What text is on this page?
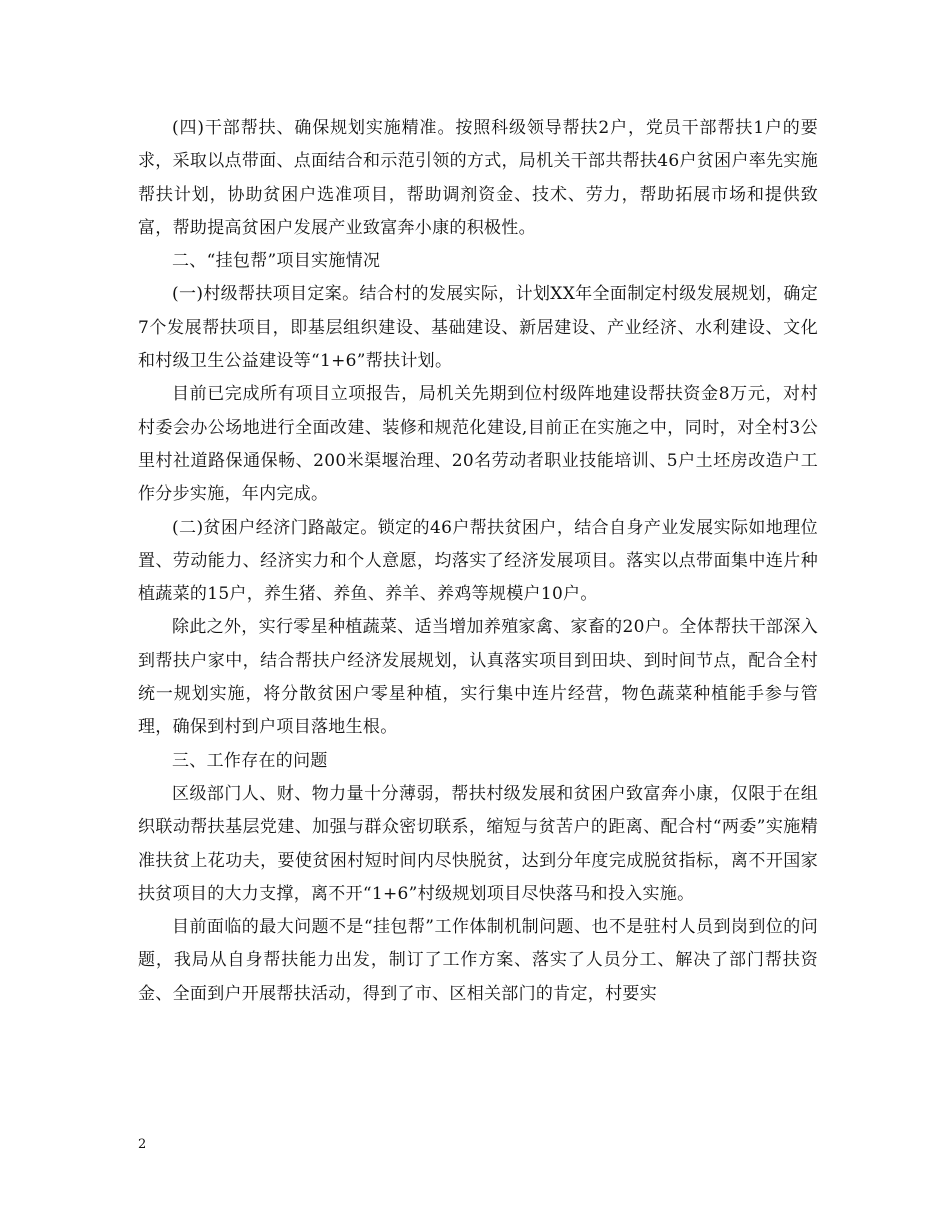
(四)干部帮扶、确保规划实施精准。按照科级领导帮扶2户，党员干部帮扶1户的要求，采取以点带面、点面结合和示范引领的方式，局机关干部共帮扶46户贫困户率先实施帮扶计划，协助贫困户选准项目，帮助调剂资金、技术、劳力，帮助拓展市场和提供致富，帮助提高贫困户发展产业致富奔小康的积极性。

二、“挂包帮”项目实施情况

(一)村级帮扶项目定案。结合村的发展实际，计划XX年全面制定村级发展规划，确定7个发展帮扶项目，即基层组织建设、基础建设、新居建设、产业经济、水利建设、文化和村级卫生公益建设等“1+6”帮扶计划。

目前已完成所有项目立项报告，局机关先期到位村级阵地建设帮扶资金8万元，对村村委会办公场地进行全面改建、装修和规范化建设,目前正在实施之中，同时，对全村3公里村社道路保通保畅、200米渠堰治理、20名劳动者职业技能培训、5户土坯房改造户工作分步实施，年内完成。

(二)贫困户经济门路敲定。锁定的46户帮扶贫困户，结合自身产业发展实际如地理位置、劳动能力、经济实力和个人意愿，均落实了经济发展项目。落实以点带面集中连片种植蔬菜的15户，养生猪、养鱼、养羊、养鸡等规模户10户。

除此之外，实行零星种植蔬菜、适当增加养殖家禽、家畜的20户。全体帮扶干部深入到帮扶户家中，结合帮扶户经济发展规划，认真落实项目到田块、到时间节点，配合全村统一规划实施，将分散贫困户零星种植，实行集中连片经营，物色蔬菜种植能手参与管理，确保到村到户项目落地生根。

三、工作存在的问题

区级部门人、财、物力量十分薄弱，帮扶村级发展和贫困户致富奔小康，仅限于在组织联动帮扶基层党建、加强与群众密切联系，缩短与贫苦户的距离、配合村“两委”实施精准扶贫上花功夫，要使贫困村短时间内尽快脱贫，达到分年度完成脱贫指标，离不开国家扶贫项目的大力支撑，离不开“1+6”村级规划项目尽快落马和投入实施。

目前面临的最大问题不是“挂包帮”工作体制机制问题、也不是驻村人员到岗到位的问题，我局从自身帮扶能力出发，制订了工作方案、落实了人员分工、解决了部门帮扶资金、全面到户开展帮扶活动，得到了市、区相关部门的肯定，村要实

2
